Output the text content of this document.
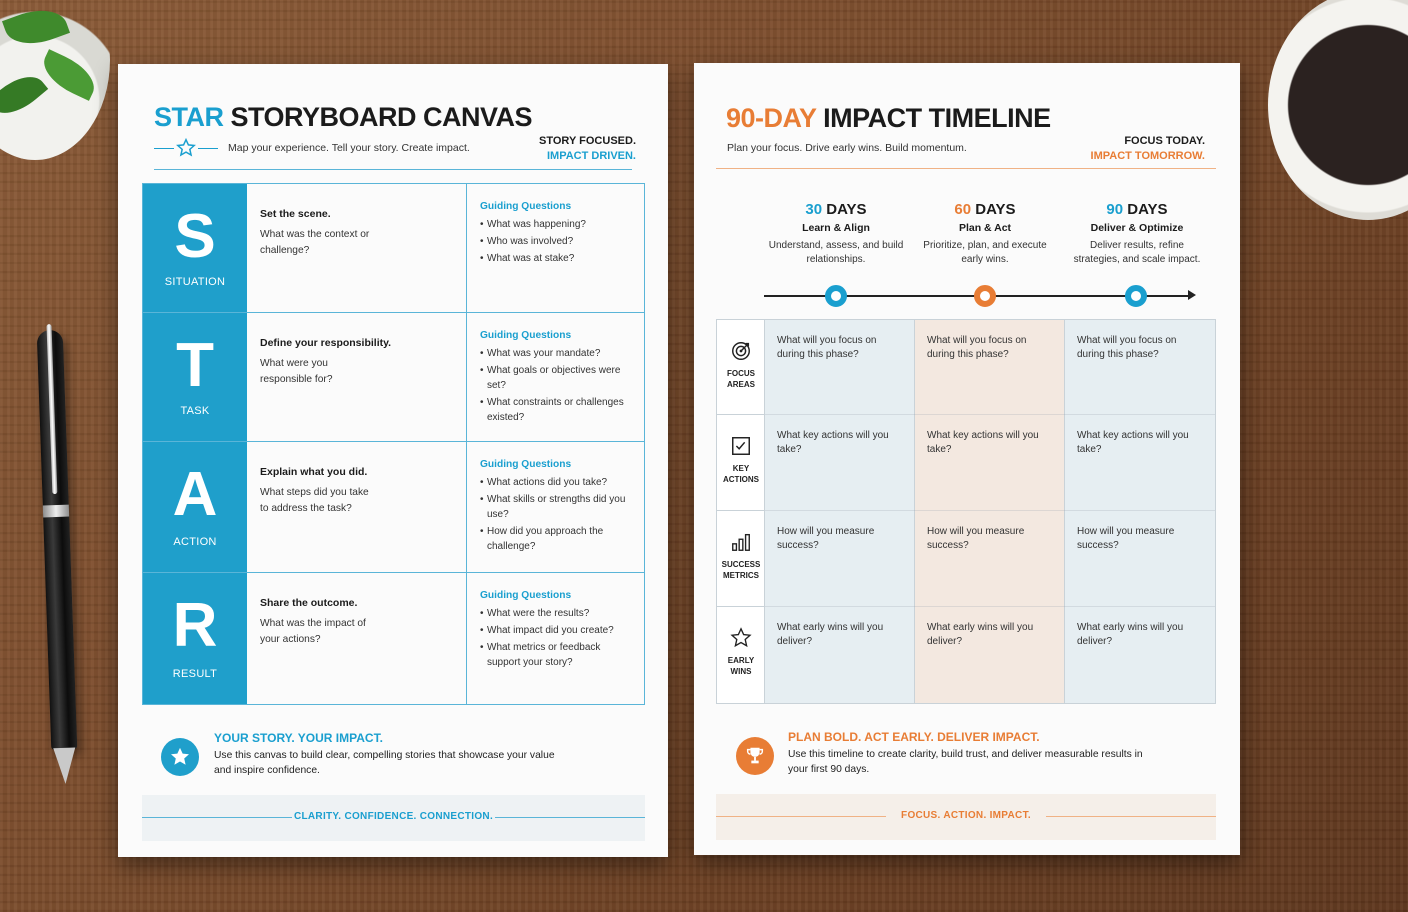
STAR STORYBOARD CANVAS
Map your experience. Tell your story. Create impact.
STORY FOCUSED.
IMPACT DRIVEN.
S
SITUATION
Set the scene.
What was the context or challenge?
Guiding Questions
• What was happening?
• Who was involved?
• What was at stake?
T
TASK
Define your responsibility.
What were you responsible for?
Guiding Questions
• What was your mandate?
• What goals or objectives were set?
• What constraints or challenges existed?
A
ACTION
Explain what you did.
What steps did you take to address the task?
Guiding Questions
• What actions did you take?
• What skills or strengths did you use?
• How did you approach the challenge?
R
RESULT
Share the outcome.
What was the impact of your actions?
Guiding Questions
• What were the results?
• What impact did you create?
• What metrics or feedback support your story?
YOUR STORY. YOUR IMPACT.
Use this canvas to build clear, compelling stories that showcase your value and inspire confidence.
CLARITY. CONFIDENCE. CONNECTION.
90-DAY IMPACT TIMELINE
Plan your focus. Drive early wins. Build momentum.
FOCUS TODAY.
IMPACT TOMORROW.
30 DAYS
Learn & Align
Understand, assess, and build relationships.
60 DAYS
Plan & Act
Prioritize, plan, and execute early wins.
90 DAYS
Deliver & Optimize
Deliver results, refine strategies, and scale impact.
FOCUS
AREAS
KEY
ACTIONS
SUCCESS
METRICS
EARLY
WINS
What will you focus on during this phase?
What key actions will you take?
How will you measure success?
What early wins will you deliver?
What will you focus on during this phase?
What key actions will you take?
How will you measure success?
What early wins will you deliver?
What will you focus on during this phase?
What key actions will you take?
How will you measure success?
What early wins will you deliver?
PLAN BOLD. ACT EARLY. DELIVER IMPACT.
Use this timeline to create clarity, build trust, and deliver measurable results in your first 90 days.
FOCUS. ACTION. IMPACT.
